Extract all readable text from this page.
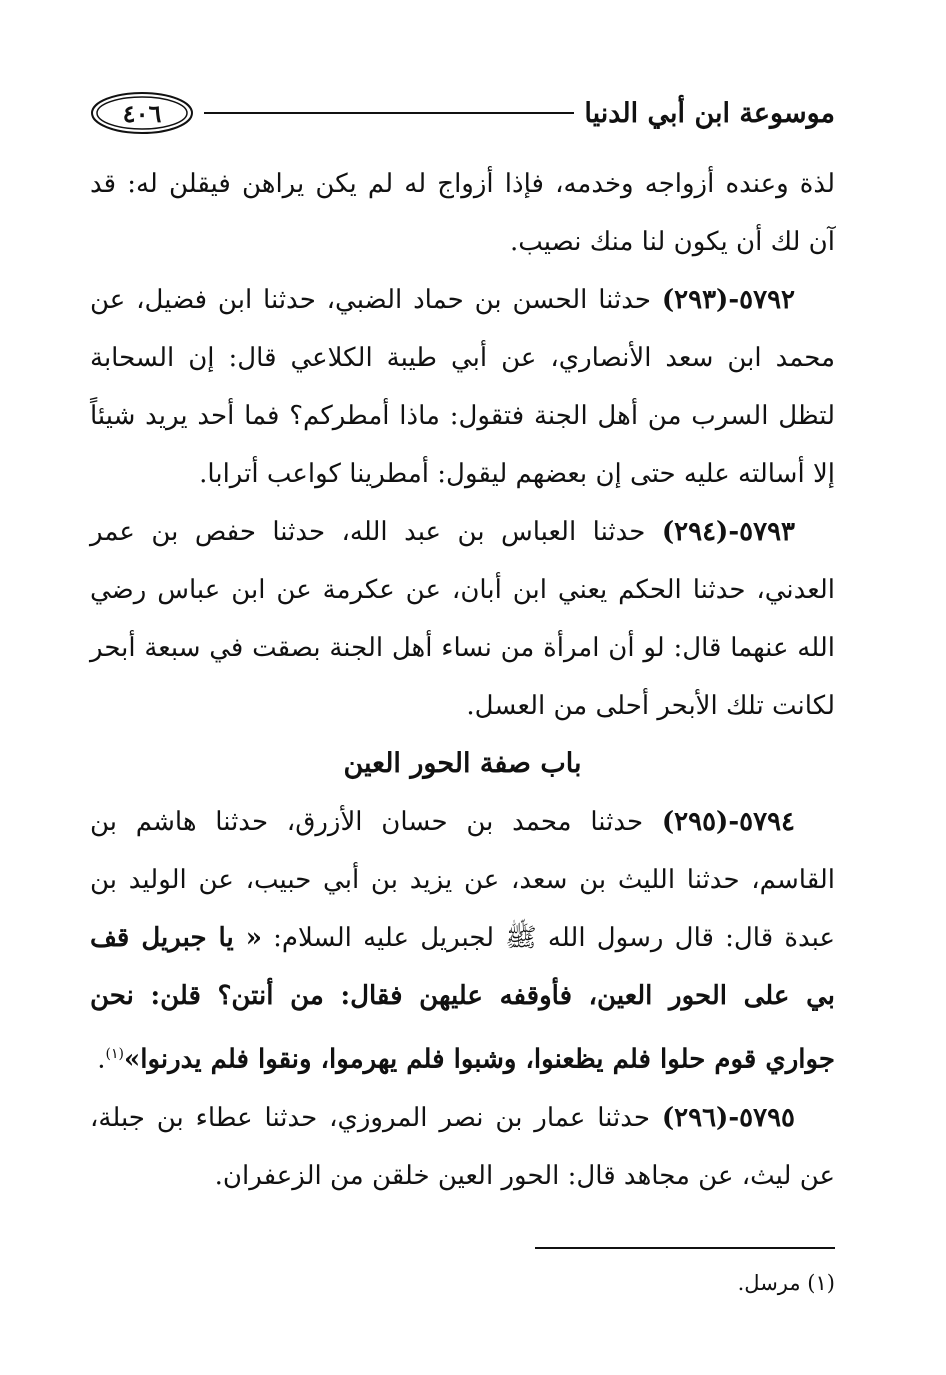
موسوعة ابن أبي الدنيا
٤٠٦

لذة وعنده أزواجه وخدمه، فإذا أزواج له لم يكن يراهن فيقلن له: قد آن لك أن يكون لنا منك نصيب.

٥٧٩٢-(٢٩٣) حدثنا الحسن بن حماد الضبي، حدثنا ابن فضيل، عن محمد ابن سعد الأنصاري، عن أبي طيبة الكلاعي قال: إن السحابة لتظل السرب من أهل الجنة فتقول: ماذا أمطركم؟ فما أحد يريد شيئاً إلا أسالته عليه حتى إن بعضهم ليقول: أمطرينا كواعب أترابا.

٥٧٩٣-(٢٩٤) حدثنا العباس بن عبد الله، حدثنا حفص بن عمر العدني، حدثنا الحكم يعني ابن أبان، عن عكرمة عن ابن عباس رضي الله عنهما قال: لو أن امرأة من نساء أهل الجنة بصقت في سبعة أبحر لكانت تلك الأبحر أحلى من العسل.

باب صفة الحور العين

٥٧٩٤-(٢٩٥) حدثنا محمد بن حسان الأزرق، حدثنا هاشم بن القاسم، حدثنا الليث بن سعد، عن يزيد بن أبي حبيب، عن الوليد بن عبدة قال: قال رسول الله ﷺ لجبريل عليه السلام: « يا جبريل قف بي على الحور العين، فأوقفه عليهن فقال: من أنتن؟ قلن: نحن جواري قوم حلوا فلم يظعنوا، وشبوا فلم يهرموا، ونقوا فلم يدرنوا»$^{(١)}$.

٥٧٩٥-(٢٩٦) حدثنا عمار بن نصر المروزي، حدثنا عطاء بن جبلة، عن ليث، عن مجاهد قال: الحور العين خلقن من الزعفران.

(١) مرسل.
